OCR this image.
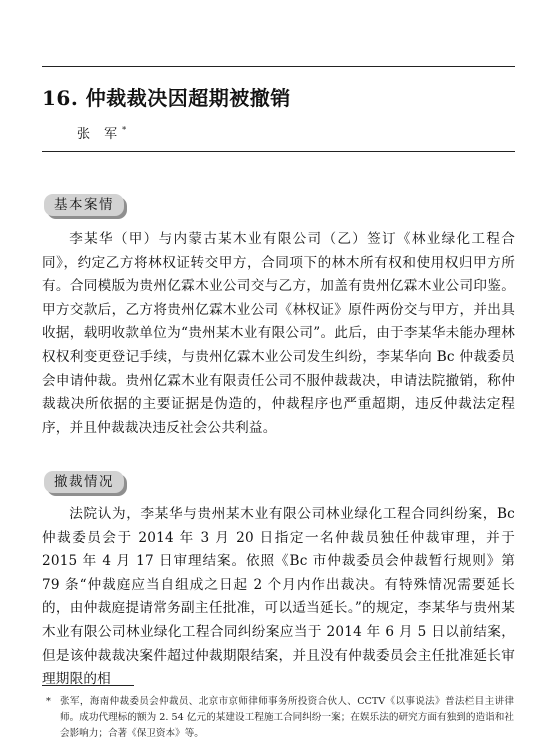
16. 仲裁裁决因超期被撤销

张 军*

基本案情

李某华（甲）与内蒙古某木业有限公司（乙）签订《林业绿化工程合同》，约定乙方将林权证转交甲方，合同项下的林木所有权和使用权归甲方所有。合同模版为贵州亿霖木业公司交与乙方，加盖有贵州亿霖木业公司印鉴。甲方交款后，乙方将贵州亿霖木业公司《林权证》原件两份交与甲方，并出具收据，载明收款单位为“贵州某木业有限公司”。此后，由于李某华未能办理林权权利变更登记手续，与贵州亿霖木业公司发生纠纷，李某华向 Bc 仲裁委员会申请仲裁。贵州亿霖木业有限责任公司不服仲裁裁决，申请法院撤销，称仲裁裁决所依据的主要证据是伪造的，仲裁程序也严重超期，违反仲裁法定程序，并且仲裁裁决违反社会公共利益。

撤裁情况

法院认为，李某华与贵州某木业有限公司林业绿化工程合同纠纷案，Bc 仲裁委员会于 2014 年 3 月 20 日指定一名仲裁员独任仲裁审理，并于 2015 年 4 月 17 日审理结案。依照《Bc 市仲裁委员会仲裁暂行规则》第 79 条“仲裁庭应当自组成之日起 2 个月内作出裁决。有特殊情况需要延长的，由仲裁庭提请常务副主任批准，可以适当延长。”的规定，李某华与贵州某木业有限公司林业绿化工程合同纠纷案应当于 2014 年 6 月 5 日以前结案，但是该仲裁裁决案件超过仲裁期限结案，并且没有仲裁委员会主任批准延长审理期限的相

* 张军，海南仲裁委员会仲裁员、北京市京师律师事务所投资合伙人、CCTV《以事说法》普法栏目主讲律师。成功代理标的额为 2. 54 亿元的某建设工程施工合同纠纷一案；在娱乐法的研究方面有独到的造诣和社会影响力；合著《保卫资本》等。
